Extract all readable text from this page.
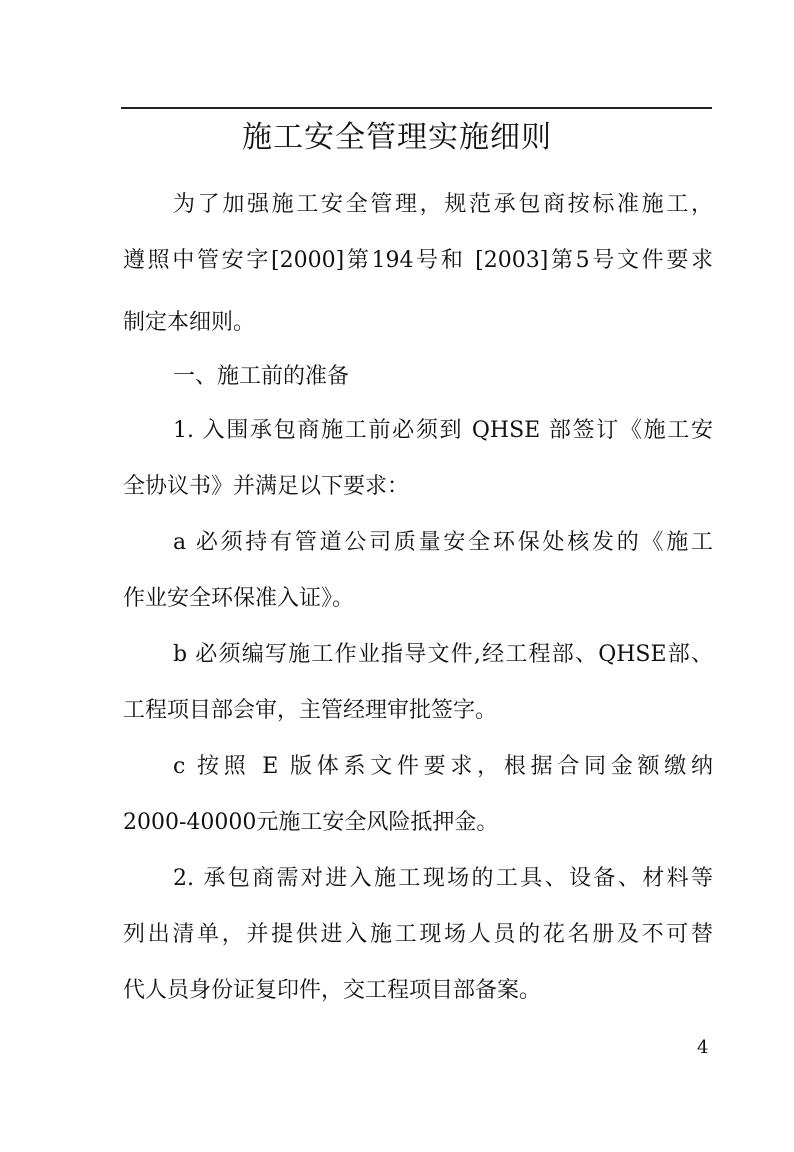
施工安全管理实施细则
为了加强施工安全管理，规范承包商按标准施工，
遵照中管安字[2000]第194号和 [2003]第5号文件要求
制定本细则。
一、施工前的准备
1. 入围承包商施工前必须到 QHSE 部签订《施工安
全协议书》并满足以下要求：
a 必须持有管道公司质量安全环保处核发的《施工
作业安全环保准入证》。
b 必须编写施工作业指导文件,经工程部、QHSE部、
工程项目部会审，主管经理审批签字。
c 按照 E 版体系文件要求，根据合同金额缴纳
2000-40000元施工安全风险抵押金。
2. 承包商需对进入施工现场的工具、设备、材料等
列出清单，并提供进入施工现场人员的花名册及不可替
代人员身份证复印件，交工程项目部备案。
4
